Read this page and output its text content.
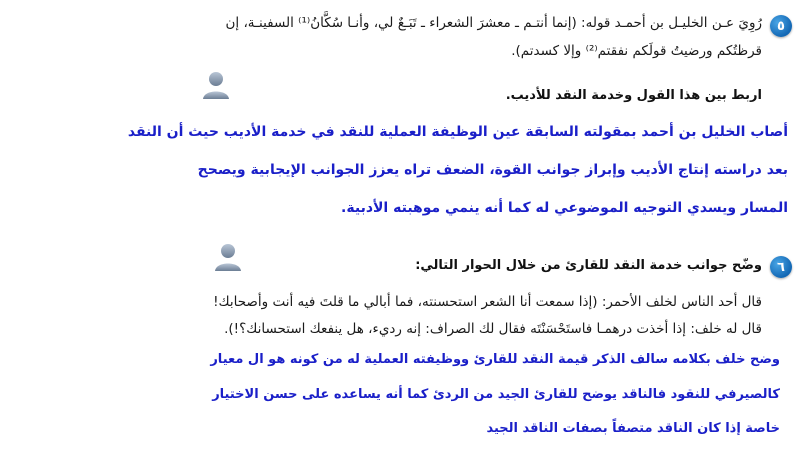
٥
رُوِيَ عـن الخليـل بن أحمـد قوله: (إنما أنتـم ـ معشرَ الشعراء ـ تَبَـعٌ لي، وأنـا سُكَّانُ⁽¹⁾ السفينـة، إن
قرظتُكم ورضيتُ قولَكم نفقتم⁽²⁾ وإلا كسدتم).
اربط بين هذا القول وخدمة النقد للأديب.
أصاب الخليل بن أحمد بمقولته السابقة عين الوظيفة العملية للنقد في خدمة الأديب حيث أن النقد
بعد دراسته إنتاج الأديب وإبراز جوانب القوة، الضعف تراه يعزز الجوانب الإيجابية ويصحح
المسار ويسدي التوجيه الموضوعي له كما أنه ينمي موهبته الأدبية.
٦
وضّح جوانب خدمة النقد للقارئ من خلال الحوار التالي:
قال أحد الناس لخلف الأحمر: (إذا سمعت أنا الشعر استحسنته، فما أبالي ما قلتَ فيه أنت وأصحابك!
قال له خلف: إذا أخذت درهمـا فاستَحْسَنْتَه فقال لك الصراف: إنه رديء، هل ينفعك استحسانك؟!).
وضح خلف بكلامه سالف الذكر قيمة النقد للقارئ ووظيفته العملية له من كونه هو ال معيار
كالصيرفي للنقود فالناقد يوضح للقارئ الجيد من الردئ كما أنه يساعده على حسن الاختيار
خاصة إذا كان الناقد متصفاً بصفات الناقد الجيد
